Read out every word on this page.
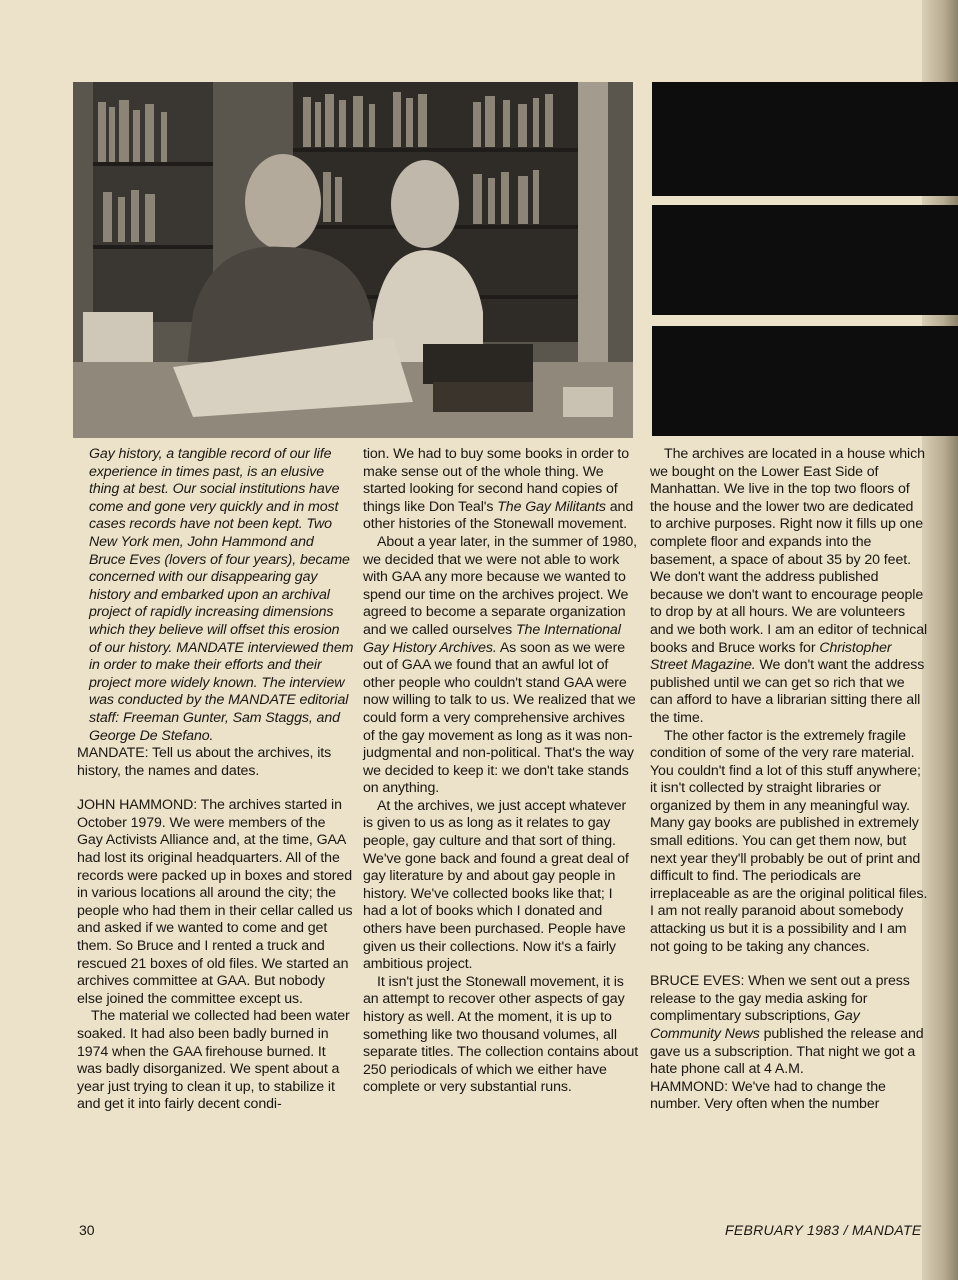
Gay history, a tangible record of our life experience in times past, is an elusive thing at best. Our social institutions have come and gone very quickly and in most cases records have not been kept. Two New York men, John Hammond and Bruce Eves (lovers of four years), became concerned with our disappearing gay history and embarked upon an archival project of rapidly increasing dimensions which they believe will offset this erosion of our history. MANDATE interviewed them in order to make their efforts and their project more widely known. The interview was conducted by the MANDATE editorial staff: Freeman Gunter, Sam Staggs, and George De Stefano.

MANDATE: Tell us about the archives, its history, the names and dates.

JOHN HAMMOND: The archives started in October 1979. We were members of the Gay Activists Alliance and, at the time, GAA had lost its original headquarters. All of the records were packed up in boxes and stored in various locations all around the city; the people who had them in their cellar called us and asked if we wanted to come and get them. So Bruce and I rented a truck and rescued 21 boxes of old files. We started an archives committee at GAA. But nobody else joined the committee except us.

The material we collected had been water soaked. It had also been badly burned in 1974 when the GAA firehouse burned. It was badly disorganized. We spent about a year just trying to clean it up, to stabilize it and get it into fairly decent condi-

tion. We had to buy some books in order to make sense out of the whole thing. We started looking for second hand copies of things like Don Teal's The Gay Militants and other histories of the Stonewall movement.

About a year later, in the summer of 1980, we decided that we were not able to work with GAA any more because we wanted to spend our time on the archives project. We agreed to become a separate organization and we called ourselves The International Gay History Archives. As soon as we were out of GAA we found that an awful lot of other people who couldn't stand GAA were now willing to talk to us. We realized that we could form a very comprehensive archives of the gay movement as long as it was non-judgmental and non-political. That's the way we decided to keep it: we don't take stands on anything.

At the archives, we just accept whatever is given to us as long as it relates to gay people, gay culture and that sort of thing. We've gone back and found a great deal of gay literature by and about gay people in history. We've collected books like that; I had a lot of books which I donated and others have been purchased. People have given us their collections. Now it's a fairly ambitious project.

It isn't just the Stonewall movement, it is an attempt to recover other aspects of gay history as well. At the moment, it is up to something like two thousand volumes, all separate titles. The collection contains about 250 periodicals of which we either have complete or very substantial runs.

The archives are located in a house which we bought on the Lower East Side of Manhattan. We live in the top two floors of the house and the lower two are dedicated to archive purposes. Right now it fills up one complete floor and expands into the basement, a space of about 35 by 20 feet. We don't want the address published because we don't want to encourage people to drop by at all hours. We are volunteers and we both work. I am an editor of technical books and Bruce works for Christopher Street Magazine. We don't want the address published until we can get so rich that we can afford to have a librarian sitting there all the time.

The other factor is the extremely fragile condition of some of the very rare material. You couldn't find a lot of this stuff anywhere; it isn't collected by straight libraries or organized by them in any meaningful way. Many gay books are published in extremely small editions. You can get them now, but next year they'll probably be out of print and difficult to find. The periodicals are irreplaceable as are the original political files. I am not really paranoid about somebody attacking us but it is a possibility and I am not going to be taking any chances.

BRUCE EVES: When we sent out a press release to the gay media asking for complimentary subscriptions, Gay Community News published the release and gave us a subscription. That night we got a hate phone call at 4 A.M.

HAMMOND: We've had to change the number. Very often when the number

30	FEBRUARY 1983 / MANDATE
